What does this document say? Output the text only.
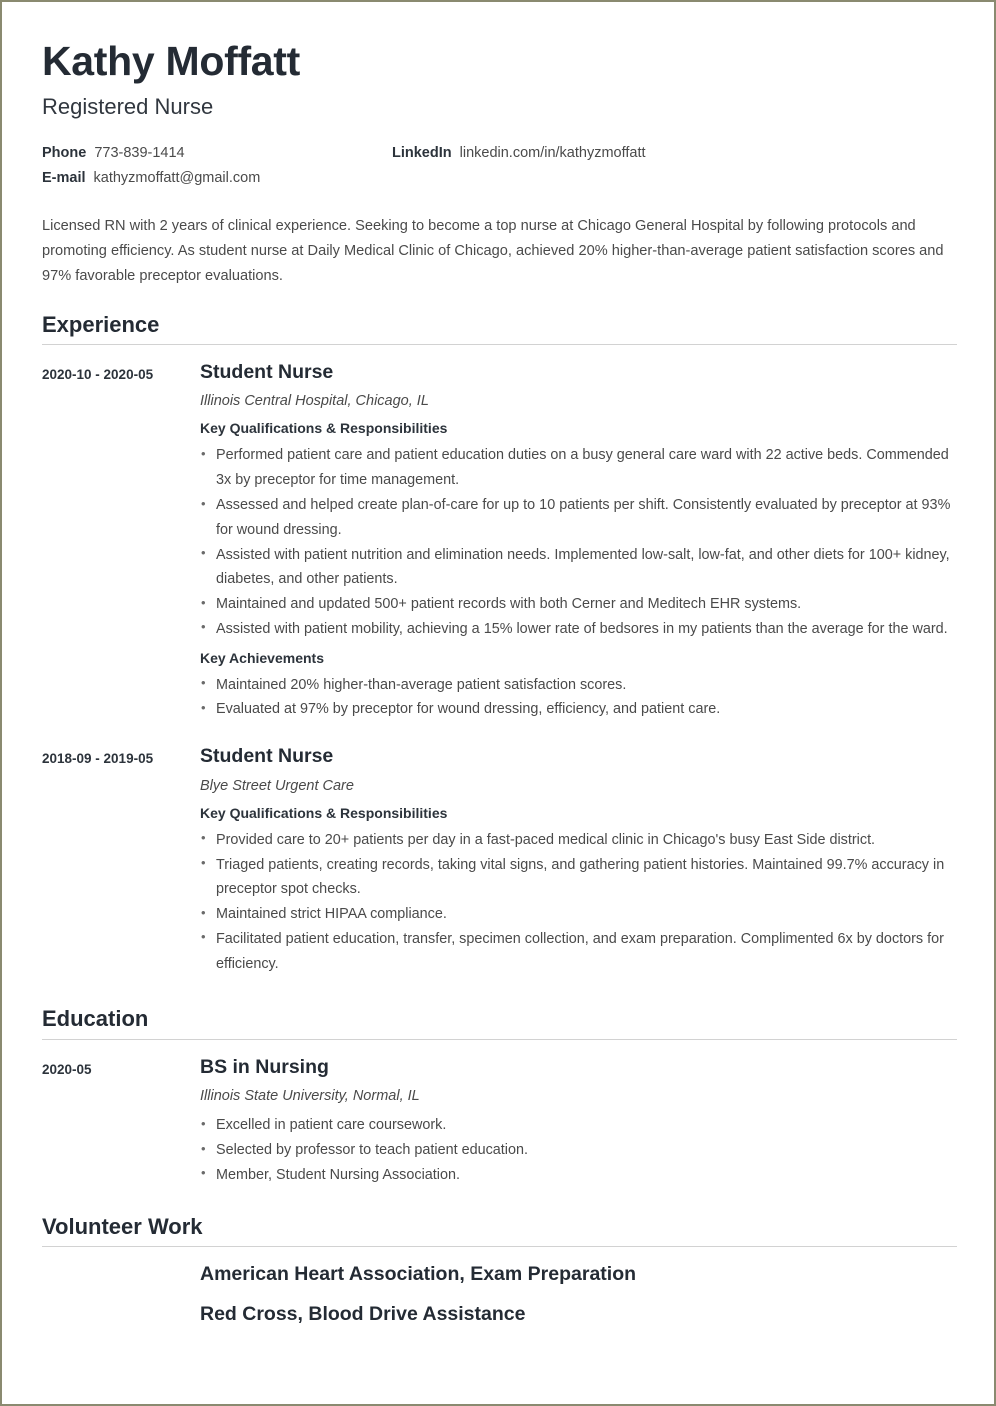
Kathy Moffatt
Registered Nurse
Phone 773-839-1414	LinkedIn linkedin.com/in/kathyzmoffatt
E-mail kathyzmoffatt@gmail.com

Licensed RN with 2 years of clinical experience. Seeking to become a top nurse at Chicago General Hospital by following protocols and promoting efficiency. As student nurse at Daily Medical Clinic of Chicago, achieved 20% higher-than-average patient satisfaction scores and 97% favorable preceptor evaluations.

Experience
2020-10 - 2020-05	Student Nurse
Illinois Central Hospital, Chicago, IL
Key Qualifications & Responsibilities
• Performed patient care and patient education duties on a busy general care ward with 22 active beds. Commended 3x by preceptor for time management.
• Assessed and helped create plan-of-care for up to 10 patients per shift. Consistently evaluated by preceptor at 93% for wound dressing.
• Assisted with patient nutrition and elimination needs. Implemented low-salt, low-fat, and other diets for 100+ kidney, diabetes, and other patients.
• Maintained and updated 500+ patient records with both Cerner and Meditech EHR systems.
• Assisted with patient mobility, achieving a 15% lower rate of bedsores in my patients than the average for the ward.
Key Achievements
• Maintained 20% higher-than-average patient satisfaction scores.
• Evaluated at 97% by preceptor for wound dressing, efficiency, and patient care.
2018-09 - 2019-05	Student Nurse
Blye Street Urgent Care
Key Qualifications & Responsibilities
• Provided care to 20+ patients per day in a fast-paced medical clinic in Chicago's busy East Side district.
• Triaged patients, creating records, taking vital signs, and gathering patient histories. Maintained 99.7% accuracy in preceptor spot checks.
• Maintained strict HIPAA compliance.
• Facilitated patient education, transfer, specimen collection, and exam preparation. Complimented 6x by doctors for efficiency.
Education
2020-05	BS in Nursing
Illinois State University, Normal, IL
• Excelled in patient care coursework.
• Selected by professor to teach patient education.
• Member, Student Nursing Association.
Volunteer Work
American Heart Association, Exam Preparation
Red Cross, Blood Drive Assistance
